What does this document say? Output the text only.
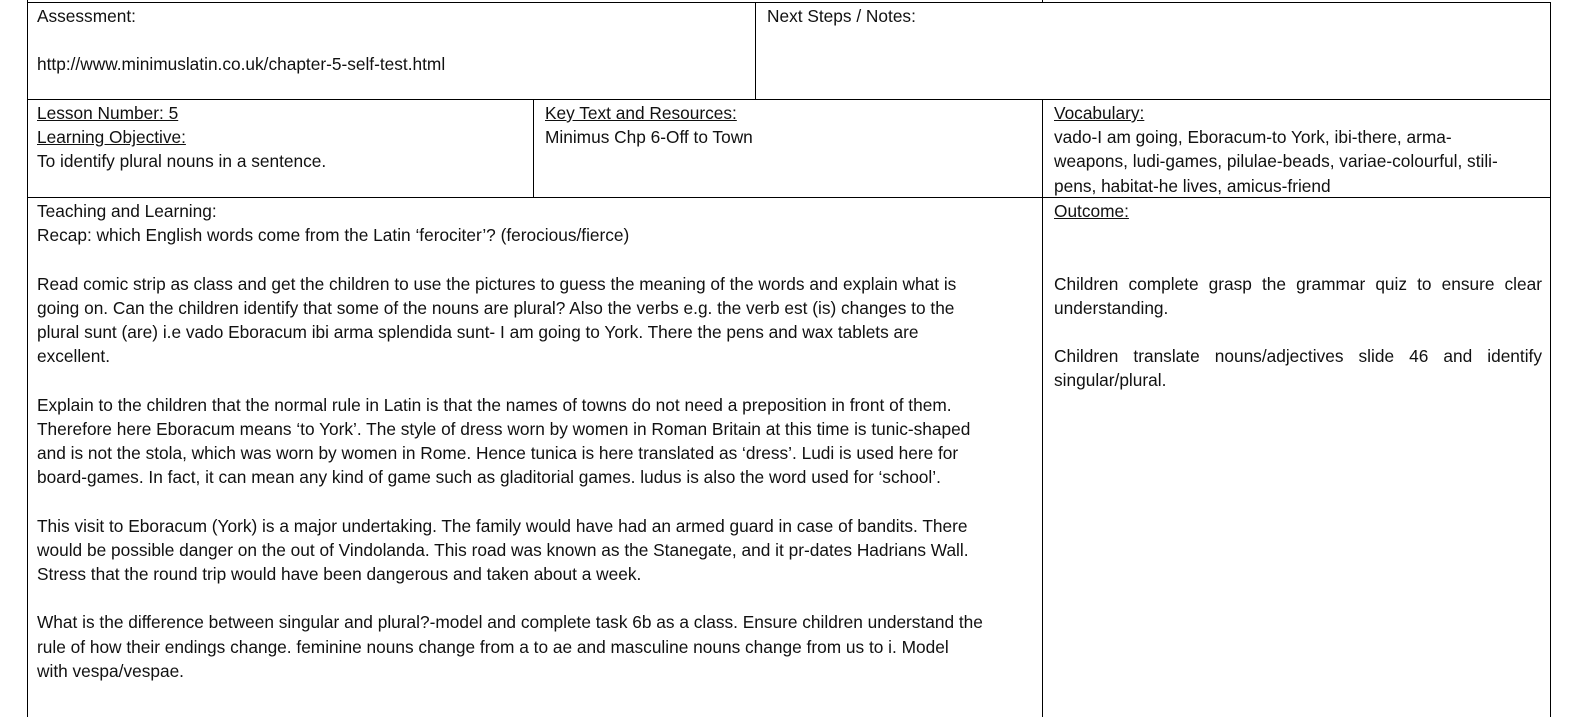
Assessment:

http://www.minimuslatin.co.uk/chapter-5-self-test.html

Next Steps / Notes:

Lesson Number: 5

Learning Objective:

To identify plural nouns in a sentence.

Key Text and Resources:

Minimus Chp 6-Off to Town

Vocabulary:

vado-I am going, Eboracum-to York, ibi-there, arma-

weapons, ludi-games, pilulae-beads, variae-colourful, stili-

pens, habitat-he lives, amicus-friend

Teaching and Learning:

Recap: which English words come from the Latin ‘ferociter’? (ferocious/fierce)

Read comic strip as class and get the children to use the pictures to guess the meaning of the words and explain what is

going on. Can the children identify that some of the nouns are plural? Also the verbs e.g. the verb est (is) changes to the

plural sunt (are) i.e vado Eboracum ibi arma splendida sunt- I am going to York. There the pens and wax tablets are

excellent.

Explain to the children that the normal rule in Latin is that the names of towns do not need a preposition in front of them.

Therefore here Eboracum means ‘to York’. The style of dress worn by women in Roman Britain at this time is tunic-shaped

and is not the stola, which was worn by women in Rome. Hence tunica is here translated as ‘dress’. Ludi is used here for

board-games. In fact, it can mean any kind of game such as gladitorial games. ludus is also the word used for ‘school’.

This visit to Eboracum (York) is a major undertaking. The family would have had an armed guard in case of bandits. There

would be possible danger on the out of Vindolanda. This road was known as the Stanegate, and it pr-dates Hadrians Wall.

Stress that the round trip would have been dangerous and taken about a week.

What is the difference between singular and plural?-model and complete task 6b as a class. Ensure children understand the

rule of how their endings change. feminine nouns change from a to ae and masculine nouns change from us to i. Model

with vespa/vespae.

Outcome:

Children complete grasp the grammar quiz to ensure clear understanding.

Children translate nouns/adjectives slide 46 and identify singular/plural.
